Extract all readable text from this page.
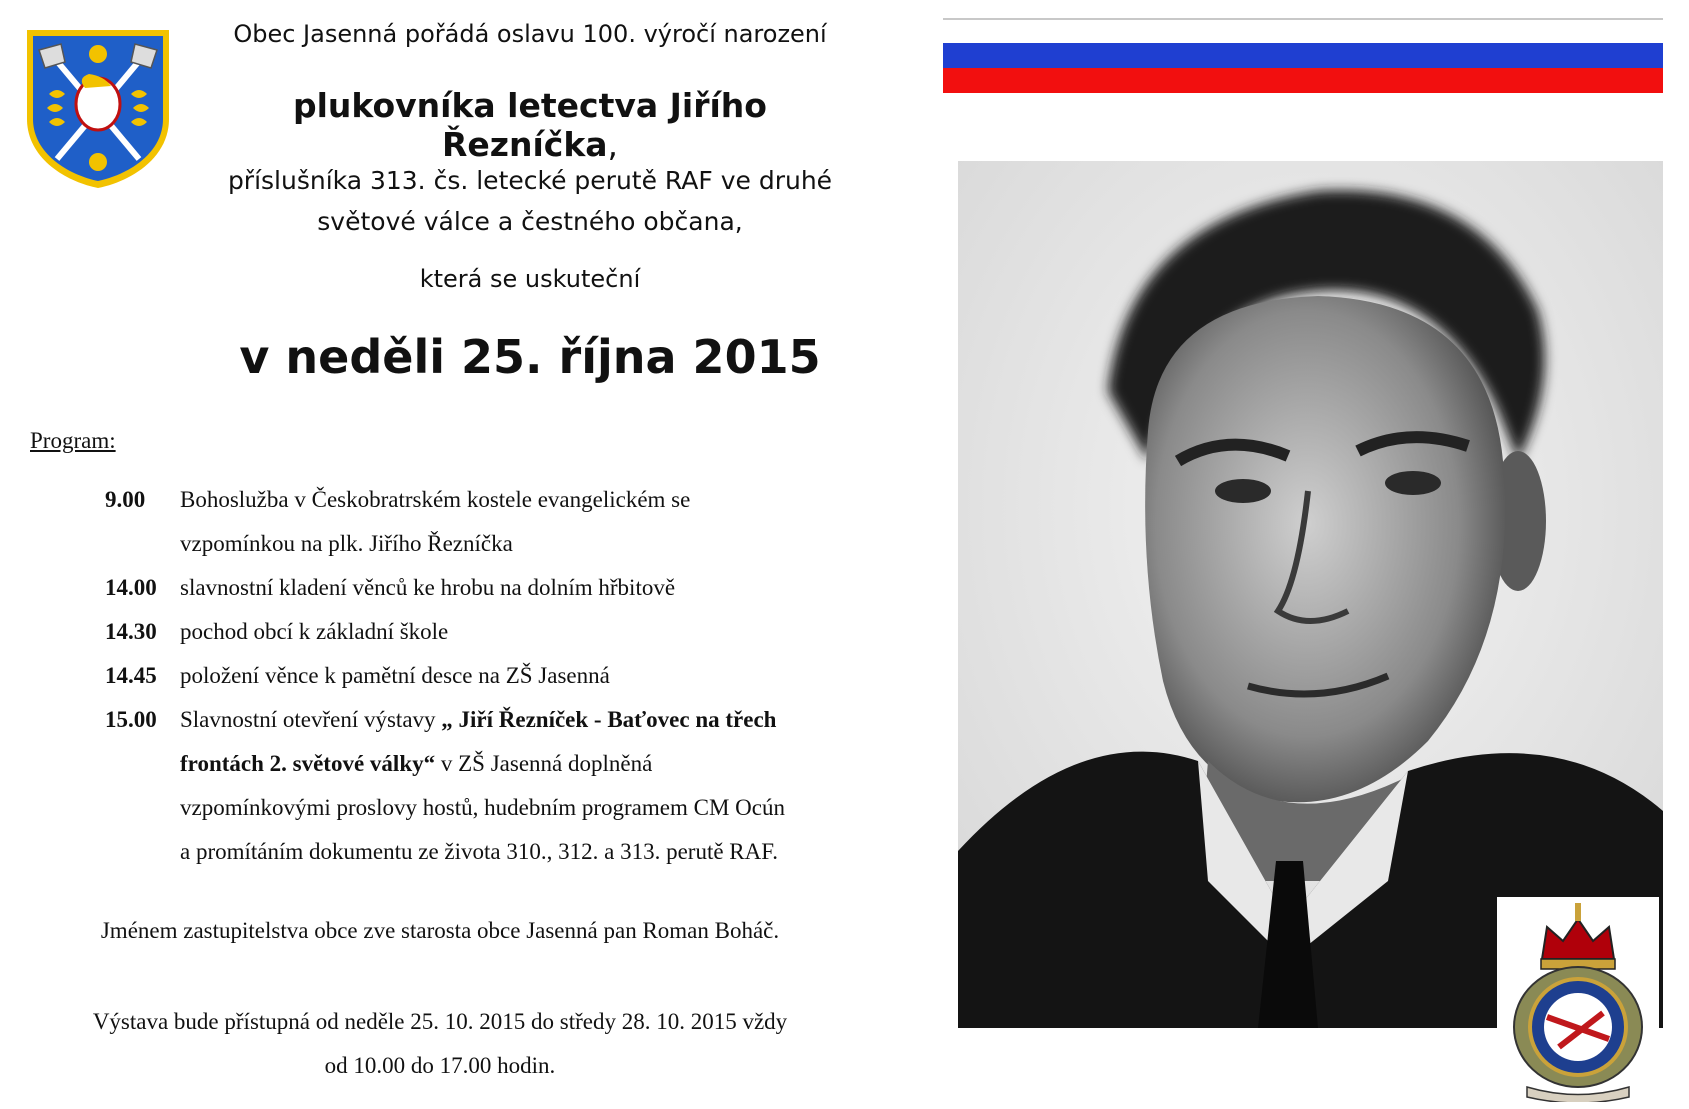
Obec Jasenná pořádá oslavu 100. výročí narození
plukovníka letectva Jiřího Řezníčka,
příslušníka 313. čs. letecké perutě RAF ve druhé
světové válce a čestného občana,
která se uskuteční
v neděli 25. října 2015
Program:
9.00	Bohoslužba v Českobratrském kostele evangelickém se
vzpomínkou na plk. Jiřího Řezníčka
14.00	slavnostní kladení věnců ke hrobu na dolním hřbitově
14.30	pochod obcí k základní škole
14.45	položení věnce k pamětní desce na ZŠ Jasenná
15.00	Slavnostní otevření výstavy „ Jiří Řezníček - Baťovec na třech
frontách 2. světové války“ v ZŠ Jasenná doplněná
vzpomínkovými proslovy hostů, hudebním programem CM Ocún
a promítáním dokumentu ze života 310., 312. a 313. perutě RAF.
Jménem zastupitelstva obce zve starosta obce Jasenná pan Roman Boháč.
Výstava bude přístupná od neděle 25. 10. 2015 do středy 28. 10. 2015 vždy
od 10.00 do 17.00 hodin.
